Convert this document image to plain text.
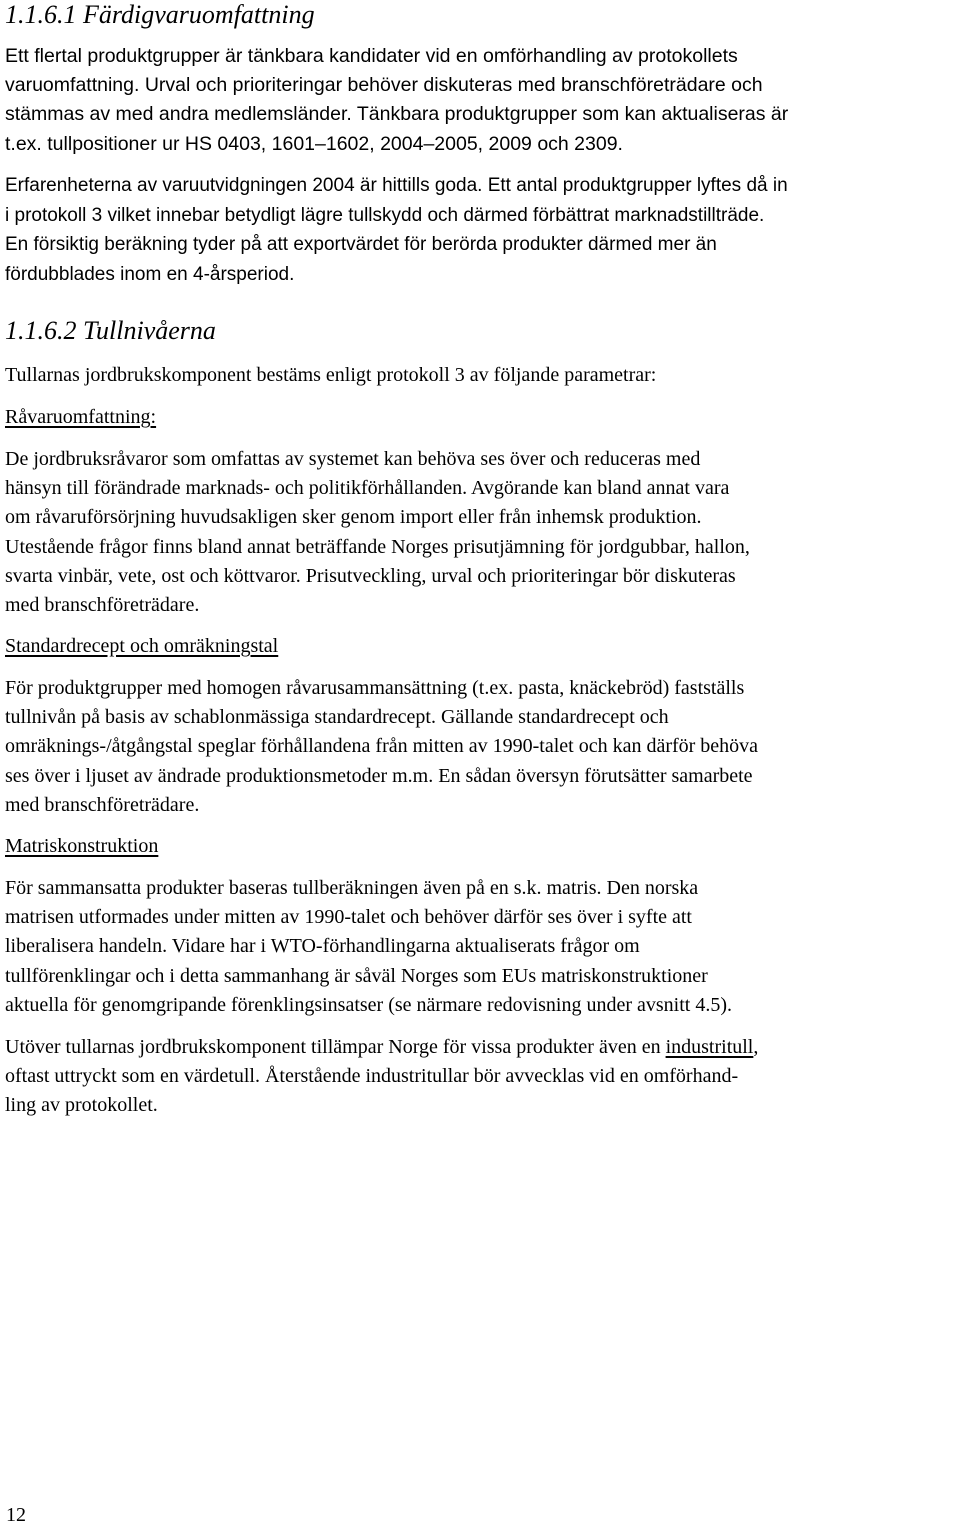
1.1.6.1 Färdigvaruomfattning

Ett flertal produktgrupper är tänkbara kandidater vid en omförhandling av protokollets
varuomfattning. Urval och prioriteringar behöver diskuteras med branschföreträdare och
stämmas av med andra medlemsländer. Tänkbara produktgrupper som kan aktualiseras är
t.ex. tullpositioner ur HS 0403, 1601–1602, 2004–2005, 2009 och 2309.

Erfarenheterna av varuutvidgningen 2004 är hittills goda. Ett antal produktgrupper lyftes då in
i protokoll 3 vilket innebar betydligt lägre tullskydd och därmed förbättrat marknadstillträde.
En försiktig beräkning tyder på att exportvärdet för berörda produkter därmed mer än
fördubblades inom en 4-årsperiod.

1.1.6.2 Tullnivåerna

Tullarnas jordbrukskomponent bestäms enligt protokoll 3 av följande parametrar:

Råvaruomfattning:

De jordbruksråvaror som omfattas av systemet kan behöva ses över och reduceras med
hänsyn till förändrade marknads- och politikförhållanden. Avgörande kan bland annat vara
om råvaruförsörjning huvudsakligen sker genom import eller från inhemsk produktion.
Utestående frågor finns bland annat beträffande Norges prisutjämning för jordgubbar, hallon,
svarta vinbär, vete, ost och köttvaror. Prisutveckling, urval och prioriteringar bör diskuteras
med branschföreträdare.

Standardrecept och omräkningstal

För produktgrupper med homogen råvarusammansättning (t.ex. pasta, knäckebröd) fastställs
tullnivån på basis av schablonmässiga standardrecept. Gällande standardrecept och
omräknings-/åtgångstal speglar förhållandena från mitten av 1990-talet och kan därför behöva
ses över i ljuset av ändrade produktionsmetoder m.m. En sådan översyn förutsätter samarbete
med branschföreträdare.

Matriskonstruktion

För sammansatta produkter baseras tullberäkningen även på en s.k. matris. Den norska
matrisen utformades under mitten av 1990-talet och behöver därför ses över i syfte att
liberalisera handeln. Vidare har i WTO-förhandlingarna aktualiserats frågor om
tullförenklingar och i detta sammanhang är såväl Norges som EUs matriskonstruktioner
aktuella för genomgripande förenklingsinsatser (se närmare redovisning under avsnitt 4.5).

Utöver tullarnas jordbrukskomponent tillämpar Norge för vissa produkter även en industritull,
oftast uttryckt som en värdetull. Återstående industritullar bör avvecklas vid en omförhand-
ling av protokollet.

12
